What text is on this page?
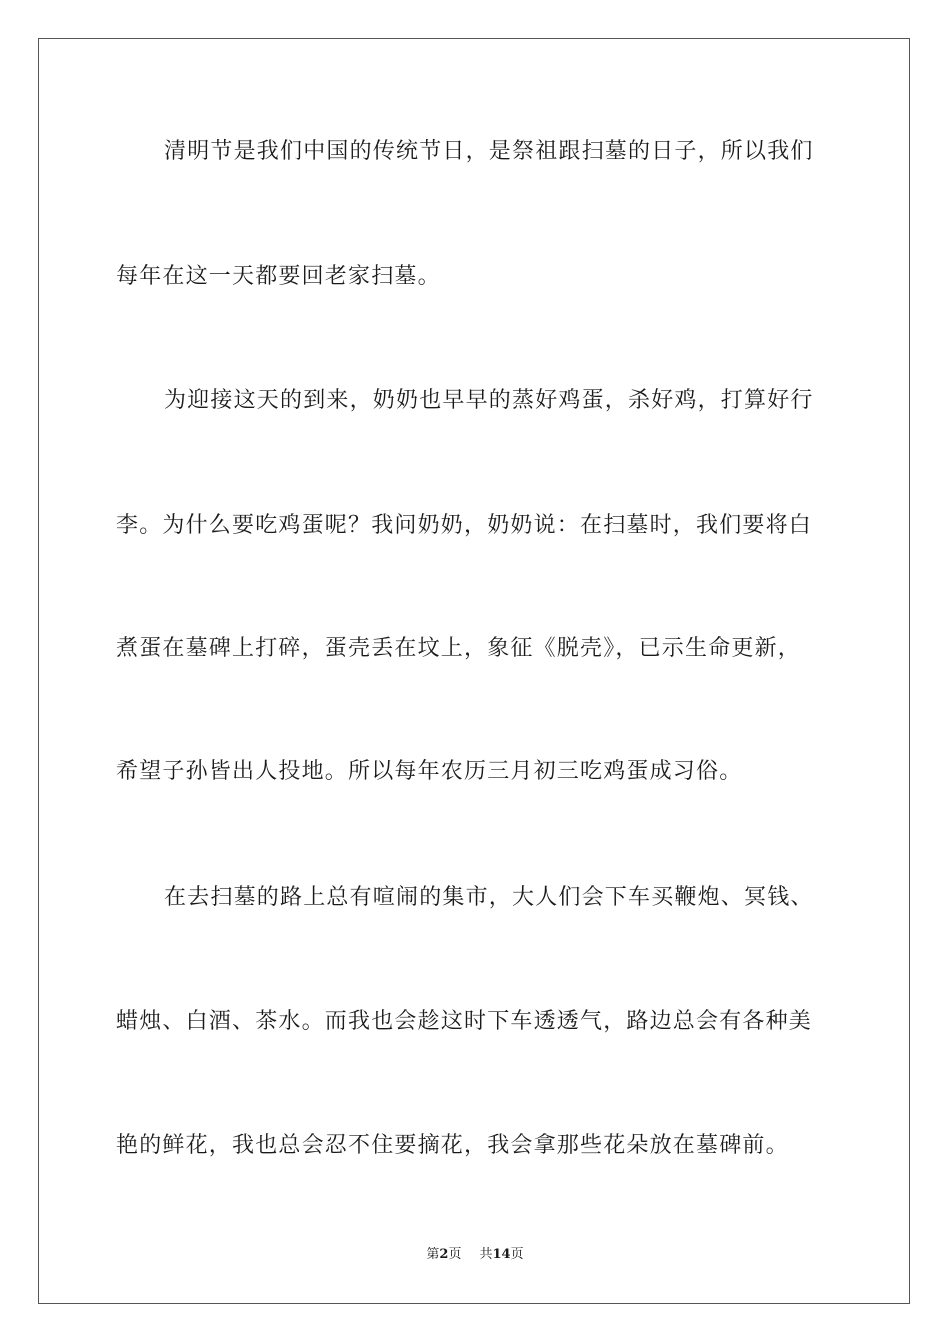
清明节是我们中国的传统节日，是祭祖跟扫墓的日子，所以我们
每年在这一天都要回老家扫墓。
为迎接这天的到来，奶奶也早早的蒸好鸡蛋，杀好鸡，打算好行
李。为什么要吃鸡蛋呢？我问奶奶，奶奶说：在扫墓时，我们要将白
煮蛋在墓碑上打碎，蛋壳丢在坟上，象征《脱壳》，已示生命更新，
希望子孙皆出人投地。所以每年农历三月初三吃鸡蛋成习俗。
在去扫墓的路上总有喧闹的集市，大人们会下车买鞭炮、冥钱、
蜡烛、白酒、茶水。而我也会趁这时下车透透气，路边总会有各种美
艳的鲜花，我也总会忍不住要摘花，我会拿那些花朵放在墓碑前。
第2页 共14页
